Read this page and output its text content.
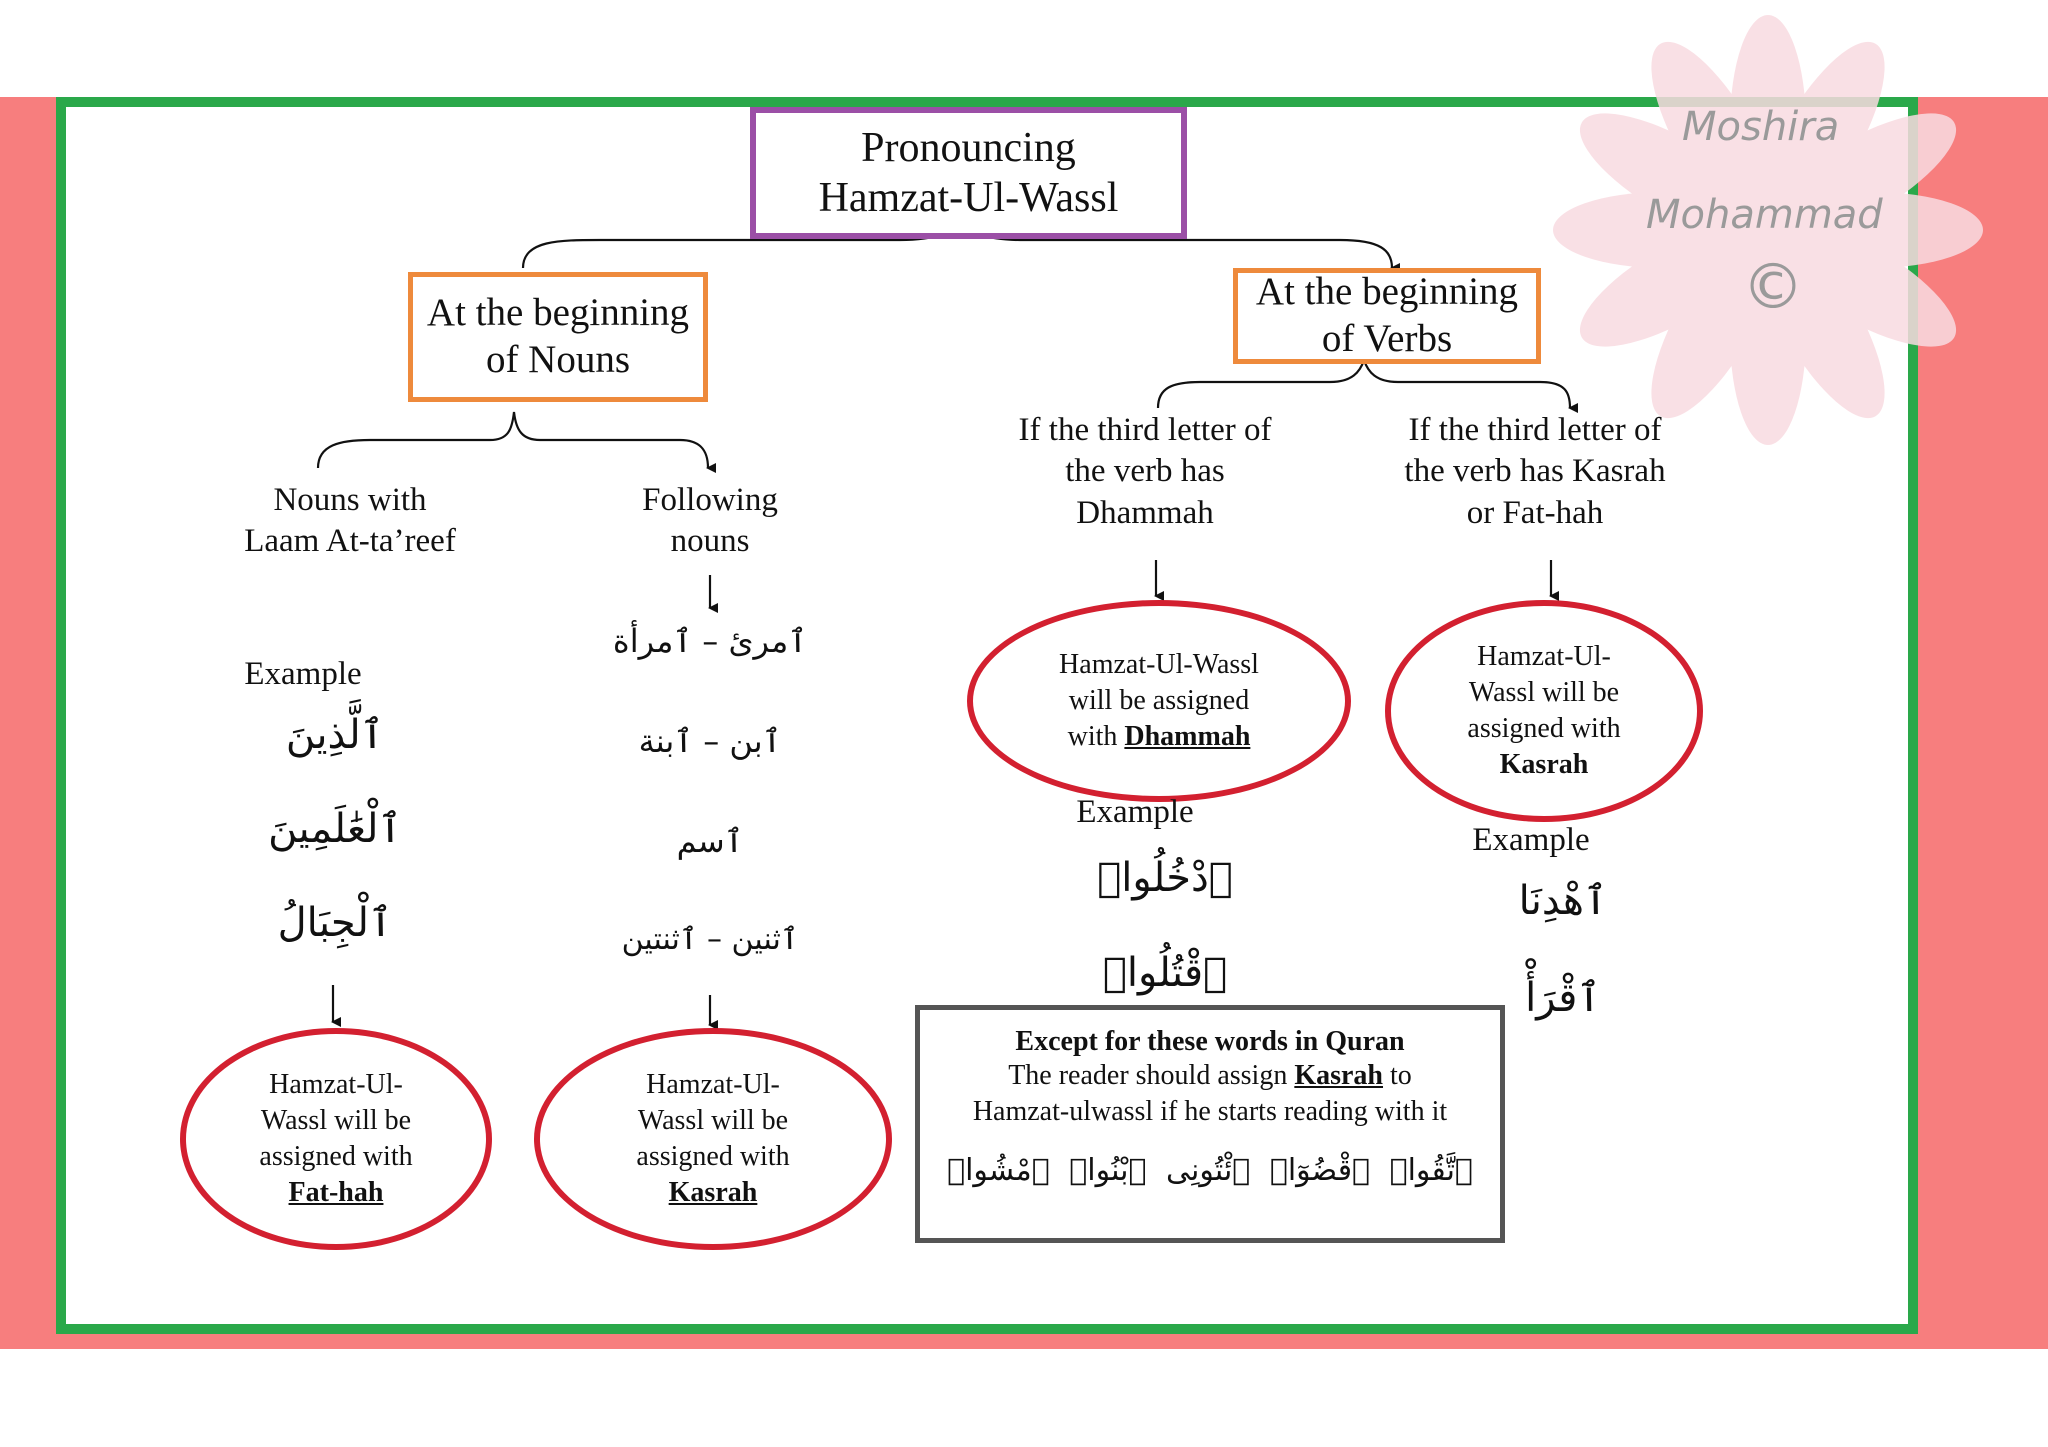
Moshira
Mohammad
©
Pronouncing
Hamzat-Ul-Wassl
At the beginning
of Nouns
At the beginning
of Verbs
Nouns with
Laam At-ta’reef
Example
ٱلَّذِينَ
ٱلْعَٰلَمِينَ
ٱلْجِبَالُ
Hamzat-Ul-
Wassl will be
assigned with
Fat-hah
Following
nouns
ٱمرئ – ٱمرأة
ٱبن – ٱبنة
ٱسم
ٱثنين – ٱثنتين
Hamzat-Ul-
Wassl will be
assigned with
Kasrah
If the third letter of
the verb has
Dhammah
Hamzat-Ul-Wassl
will be assigned
with Dhammah
Example
ٱدْخُلُوا۟
ٱقْتُلُوا۟
If the third letter of
the verb has Kasrah
or Fat-hah
Hamzat-Ul-
Wassl will be
assigned with
Kasrah
Example
ٱهْدِنَا
ٱقْرَأْ
Except for these words in Quran
The reader should assign Kasrah to
Hamzat-ulwassl if he starts reading with it
ٱتَّقُوا۟ ٱقْضُوٓا۟ ٱئْتُونِى ٱبْنُوا۟ ٱمْشُوا۟
